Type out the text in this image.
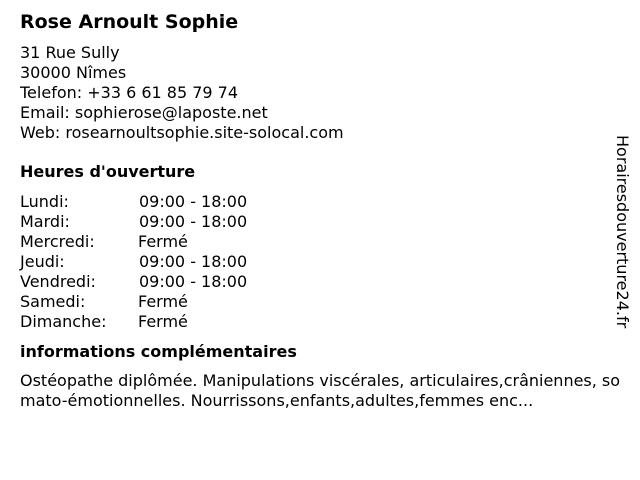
Rose Arnoult Sophie
31 Rue Sully
30000 Nîmes
Telefon: +33 6 61 85 79 74
Email: sophierose@laposte.net
Web: rosearnoultsophie.site-solocal.com
Heures d'ouverture
Lundi:	09:00 - 18:00
Mardi:	09:00 - 18:00
Mercredi:	Fermé
Jeudi:	09:00 - 18:00
Vendredi:	09:00 - 18:00
Samedi:	Fermé
Dimanche: Fermé
informations complémentaires
Ostéopathe diplômée. Manipulations viscérales, articulaires,crâniennes, somato-émotionnelles. Nourrissons,enfants,adultes,femmes enc...
Horairesdouverture24.fr
